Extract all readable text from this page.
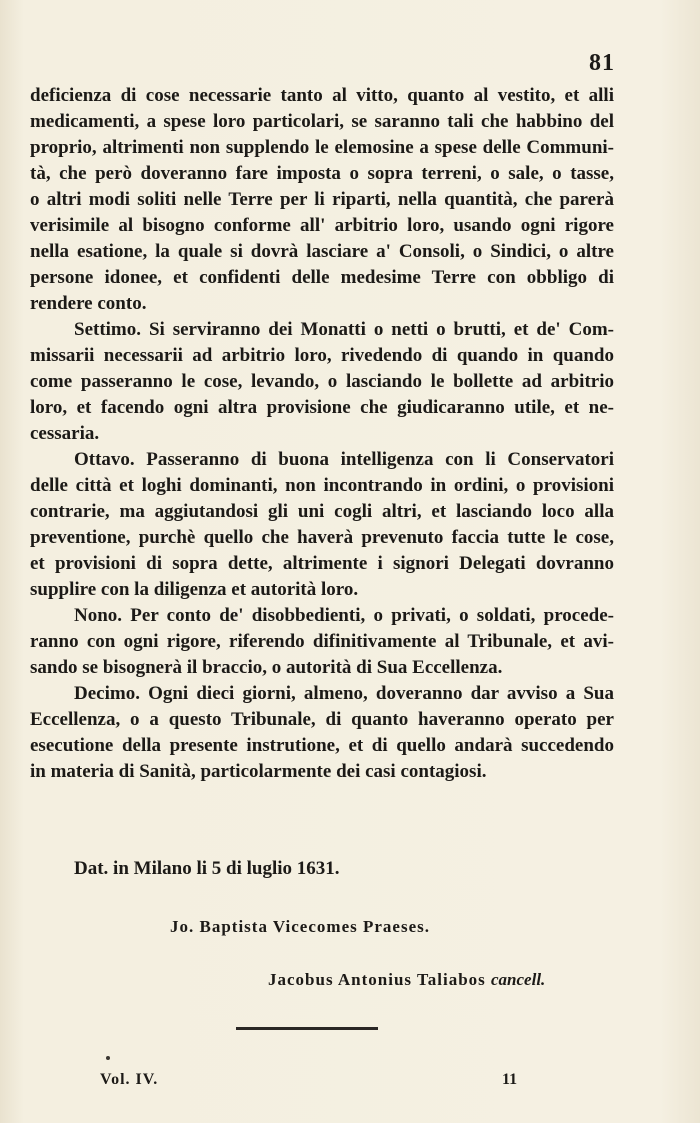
81
deficienza di cose necessarie tanto al vitto, quanto al vestito, et alli
medicamenti, a spese loro particolari, se saranno tali che habbino del
proprio, altrimenti non supplendo le elemosine a spese delle Communi-
tà, che però doveranno fare imposta o sopra terreni, o sale, o tasse,
o altri modi soliti nelle Terre per li riparti, nella quantità, che parerà
verisimile al bisogno conforme all' arbitrio loro, usando ogni rigore
nella esatione, la quale si dovrà lasciare a' Consoli, o Sindici, o altre
persone idonee, et confidenti delle medesime Terre con obbligo di
rendere conto.
Settimo. Si serviranno dei Monatti o netti o brutti, et de' Com-
missarii necessarii ad arbitrio loro, rivedendo di quando in quando
come passeranno le cose, levando, o lasciando le bollette ad arbitrio
loro, et facendo ogni altra provisione che giudicaranno utile, et ne-
cessaria.
Ottavo. Passeranno di buona intelligenza con li Conservatori
delle città et loghi dominanti, non incontrando in ordini, o provisioni
contrarie, ma aggiutandosi gli uni cogli altri, et lasciando loco alla
preventione, purchè quello che haverà prevenuto faccia tutte le cose,
et provisioni di sopra dette, altrimente i signori Delegati dovranno
supplire con la diligenza et autorità loro.
Nono. Per conto de' disobbedienti, o privati, o soldati, procede-
ranno con ogni rigore, riferendo difinitivamente al Tribunale, et avi-
sando se bisognerà il braccio, o autorità di Sua Eccellenza.
Decimo. Ogni dieci giorni, almeno, doveranno dar avviso a Sua
Eccellenza, o a questo Tribunale, di quanto haveranno operato per
esecutione della presente instrutione, et di quello andarà succedendo
in materia di Sanità, particolarmente dei casi contagiosi.
Dat. in Milano li 5 di luglio 1631.
Jo. Baptista Vicecomes Praeses.
Jacobus Antonius Taliabos cancell.
Vol. IV.	11
